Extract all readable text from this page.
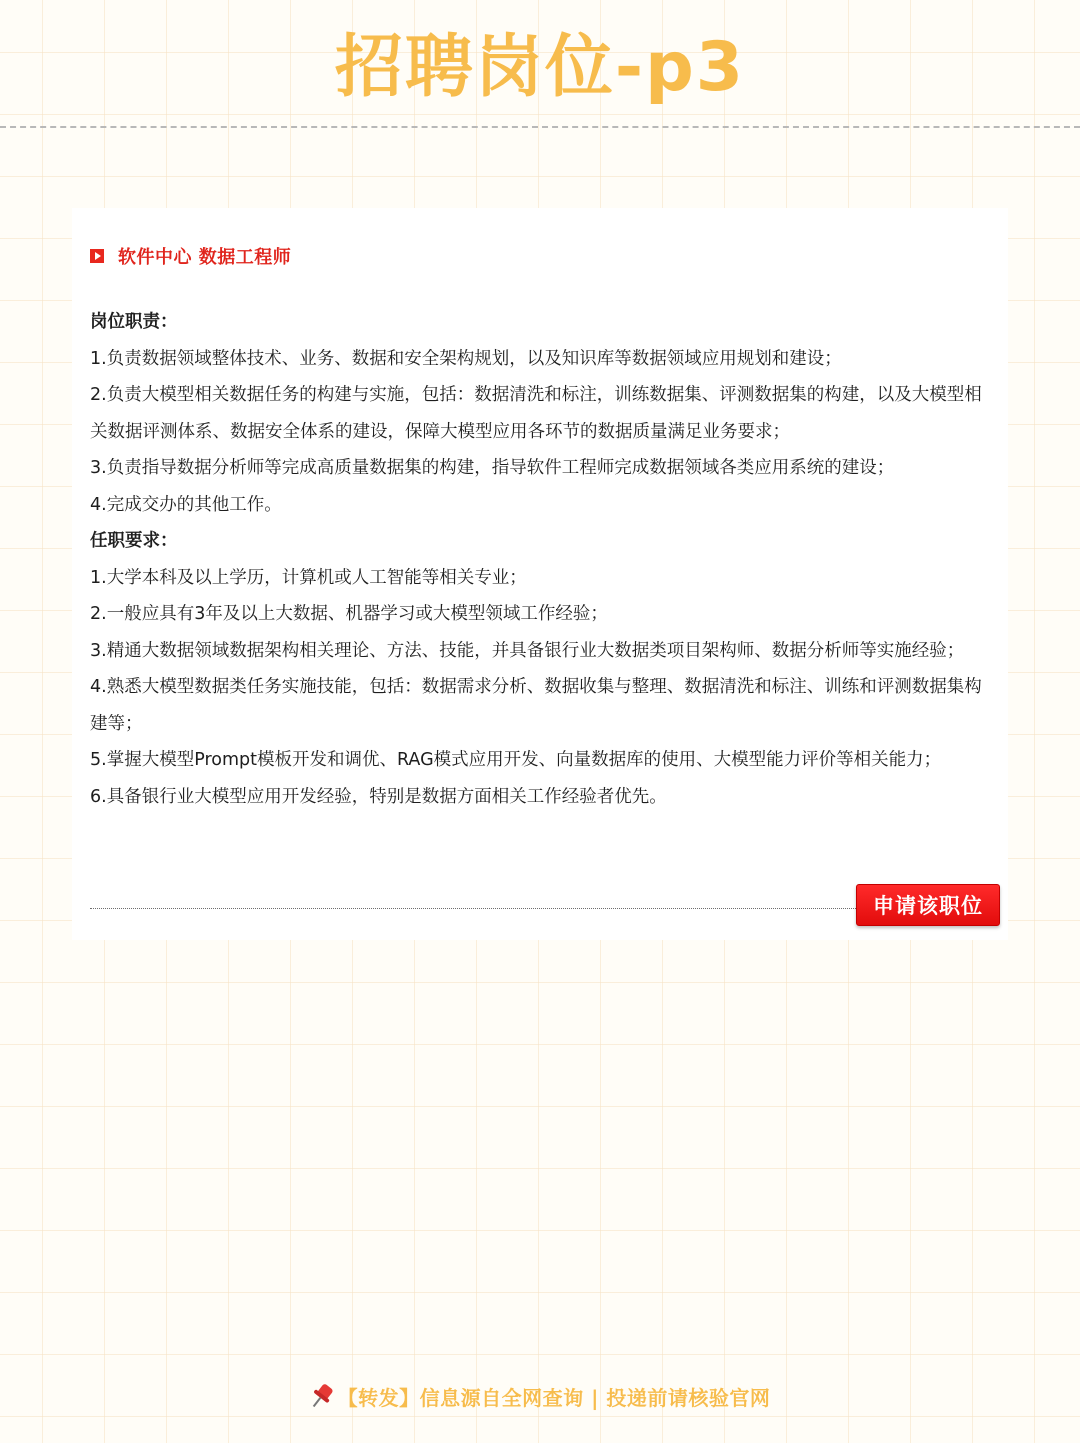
招聘岗位-p3
软件中心 数据工程师

岗位职责：

1.负责数据领域整体技术、业务、数据和安全架构规划，以及知识库等数据领域应用规划和建设；

2.负责大模型相关数据任务的构建与实施，包括：数据清洗和标注，训练数据集、评测数据集的构建，以及大模型相关数据评测体系、数据安全体系的建设，保障大模型应用各环节的数据质量满足业务要求；

3.负责指导数据分析师等完成高质量数据集的构建，指导软件工程师完成数据领域各类应用系统的建设；

4.完成交办的其他工作。

任职要求：

1.大学本科及以上学历，计算机或人工智能等相关专业；

2.一般应具有3年及以上大数据、机器学习或大模型领域工作经验；

3.精通大数据领域数据架构相关理论、方法、技能，并具备银行业大数据类项目架构师、数据分析师等实施经验；

4.熟悉大模型数据类任务实施技能，包括：数据需求分析、数据收集与整理、数据清洗和标注、训练和评测数据集构建等；

5.掌握大模型Prompt模板开发和调优、RAG模式应用开发、向量数据库的使用、大模型能力评价等相关能力；

6.具备银行业大模型应用开发经验，特别是数据方面相关工作经验者优先。

申请该职位
【转发】信息源自全网查询 | 投递前请核验官网
